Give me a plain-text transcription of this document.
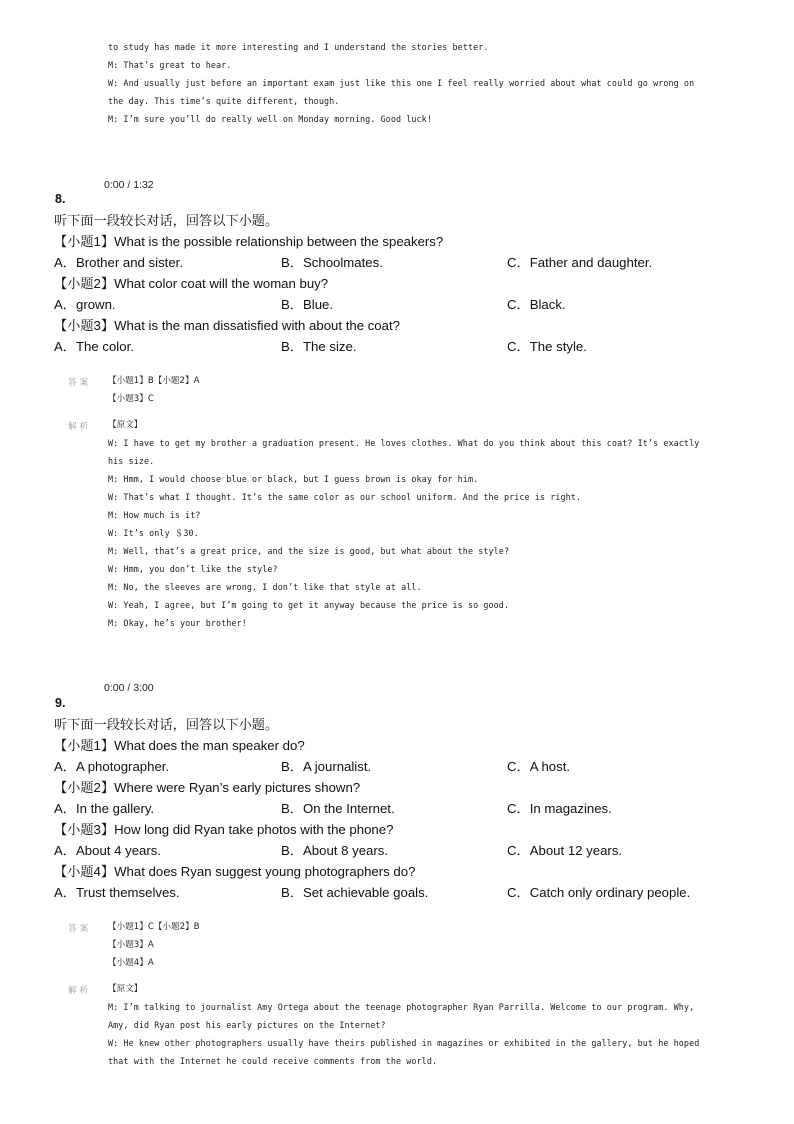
to study has made it more interesting and I understand the stories better.
M: That’s great to hear.
W: And usually just before an important exam just like this one I feel really worried about what could go wrong on
the day. This time’s quite different, though.
M: I’m sure you’ll do really well on Monday morning. Good luck!
0:00 / 1:32
8.
听下面一段较长对话，回答以下小题。
【小题1】What is the possible relationship between the speakers?
A．Brother and sister.	B．Schoolmates.	C．Father and daughter.
【小题2】What color coat will the woman buy?
A．grown.	B．Blue.	C．Black.
【小题3】What is the man dissatisfied with about the coat?
A．The color.	B．The size.	C．The style.
答案 【小题1】B【小题2】A
【小题3】C
解析 【原文】
W: I have to get my brother a graduation present. He loves clothes. What do you think about this coat? It’s exactly
his size.
M: Hmm, I would choose blue or black, but I guess brown is okay for him.
W: That’s what I thought. It’s the same color as our school uniform. And the price is right.
M: How much is it?
W: It’s only ＄30.
M: Well, that’s a great price, and the size is good, but what about the style?
W: Hmm, you don’t like the style?
M: No, the sleeves are wrong. I don’t like that style at all.
W: Yeah, I agree, but I’m going to get it anyway because the price is so good.
M: Okay, he’s your brother!
0:00 / 3:00
9.
听下面一段较长对话，回答以下小题。
【小题1】What does the man speaker do?
A．A photographer.	B．A journalist.	C．A host.
【小题2】Where were Ryan’s early pictures shown?
A．In the gallery.	B．On the Internet.	C．In magazines.
【小题3】How long did Ryan take photos with the phone?
A．About 4 years.	B．About 8 years.	C．About 12 years.
【小题4】What does Ryan suggest young photographers do?
A．Trust themselves.	B．Set achievable goals.	C．Catch only ordinary people.
答案 【小题1】C【小题2】B
【小题3】A
【小题4】A
解析 【原文】
M: I’m talking to journalist Amy Ortega about the teenage photographer Ryan Parrilla. Welcome to our program. Why,
Amy, did Ryan post his early pictures on the Internet?
W: He knew other photographers usually have theirs published in magazines or exhibited in the gallery, but he hoped
that with the Internet he could receive comments from the world.
